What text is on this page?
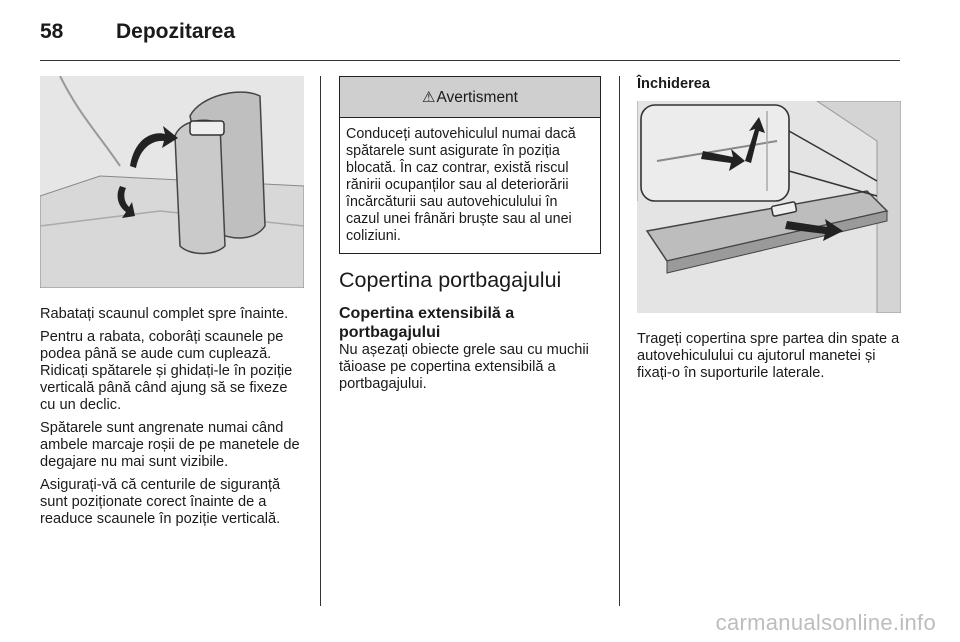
58	Depozitarea

Rabatați scaunul complet spre înainte.

Pentru a rabata, coborâți scaunele pe podea până se aude cum cuplează. Ridicați spătarele și ghidați-le în poziție verticală până când ajung să se fixeze cu un declic.

Spătarele sunt angrenate numai când ambele marcaje roșii de pe manetele de degajare nu mai sunt vizibile.

Asigurați-vă că centurile de siguranță sunt poziționate corect înainte de a readuce scaunele în poziție verticală.

⚠ Avertisment
Conduceți autovehiculul numai dacă spătarele sunt asigurate în poziția blocată. În caz contrar, există riscul rănirii ocupanților sau al deteriorării încărcăturii sau autovehiculului în cazul unei frânări bruște sau al unei coliziuni.
Copertina portbagajului
Copertina extensibilă a portbagajului

Nu așezați obiecte grele sau cu muchii tăioase pe copertina extensibilă a portbagajului.

Închiderea

Trageți copertina spre partea din spate a autovehiculului cu ajutorul manetei și fixați-o în suporturile laterale.

carmanualsonline.info
